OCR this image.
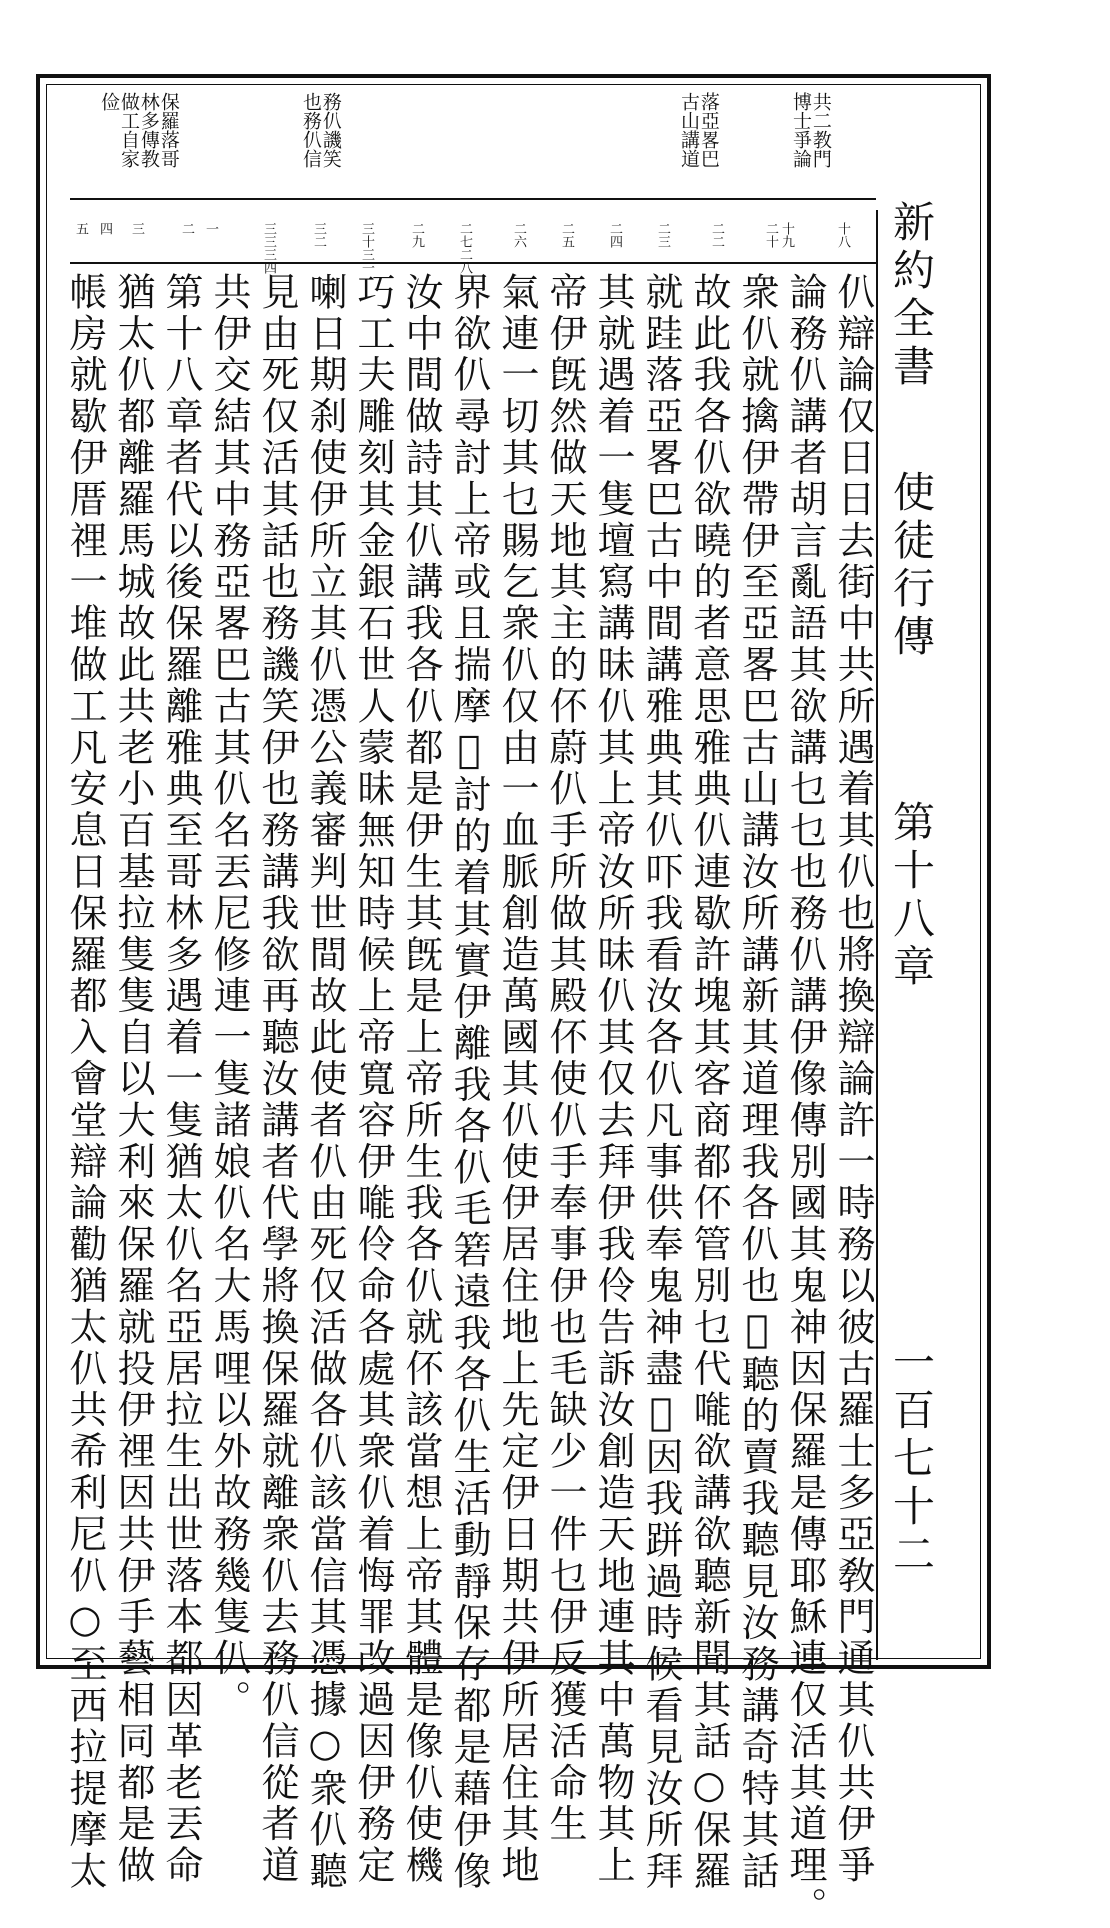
新約全書
使徒行傳
第十八章
一百七十二
共二教門
博士爭論
落亞畧巴
古山講道
務仈譏笑
也務仈信
保羅落哥
林多傳教
做工自家
俭
十八
十九
二十
二二
二三
二四
二五
二六
二七二八
二九
三十三一
三二
三三三四
一
二
三
四
五
仈辯論仅日日去街中共所遇着其仈也將換辯論許一時務以彼古羅士多亞敎門通其仈共伊爭
論務仈講者胡言亂語其欲講乜乜也務仈講伊像傳別國其鬼神因保羅是傳耶穌連仅活其道理。
衆仈就擒伊帶伊至亞畧巴古山講汝所講新其道理我各仈也𠰪聽的賣我聽見汝務講奇特其話
故此我各仈欲曉的者意思雅典仈連歇許塊其客商都伓管別乜代𠹌欲講欲聽新聞其話○保羅
就跬落亞畧巴古中間講雅典其仈吓我看汝各仈凡事供奉鬼神盡𢙢因我跰過時候看見汝所拜
其就遇着一隻壇寫講昧仈其上帝汝所昧仈其仅去拜伊我伶告訴汝創造天地連其中萬物其上
帝伊旣然做天地其主的伓蔚仈手所做其殿伓使仈手奉事伊也毛缺少一件乜伊反獲活命生
氣連一切其乜賜乞衆仈仅由一血脈創造萬國其仈使伊居住地上先定伊日期共伊所居住其地
界欲仈尋討上帝或且揣摩𠲔討的着其實伊離我各仈毛箬遠我各仈生活動靜保存都是藉伊像
汝中間做詩其仈講我各仈都是伊生其旣是上帝所生我各仈就伓該當想上帝其體是像仈使機
巧工夫雕刻其金銀石世人蒙昧無知時候上帝寬容伊𠹌伶命各處其衆仈着悔罪改過因伊務定
喇日期刹使伊所立其仈憑公義審判世間故此使者仈由死仅活做各仈該當信其憑據○衆仈聽
見由死仅活其話也務譏笑伊也務講我欲再聽汝講者代學將換保羅就離衆仈去務仈信從者道
共伊交結其中務亞畧巴古其仈名丟尼修連一隻諸娘仈名大馬哩以外故務幾隻仈。
第十八章者代以後保羅離雅典至哥林多遇着一隻猶太仈名亞居拉生出世落本都因革老丟命
猶太仈都離羅馬城故此共老小百基拉隻隻自以大利來保羅就投伊𥚃因共伊手藝相同都是做
帳房就歇伊厝𥚃一堆做工凡安息日保羅都入會堂辯論勸猶太仈共希利尼仈○至西拉提摩太
